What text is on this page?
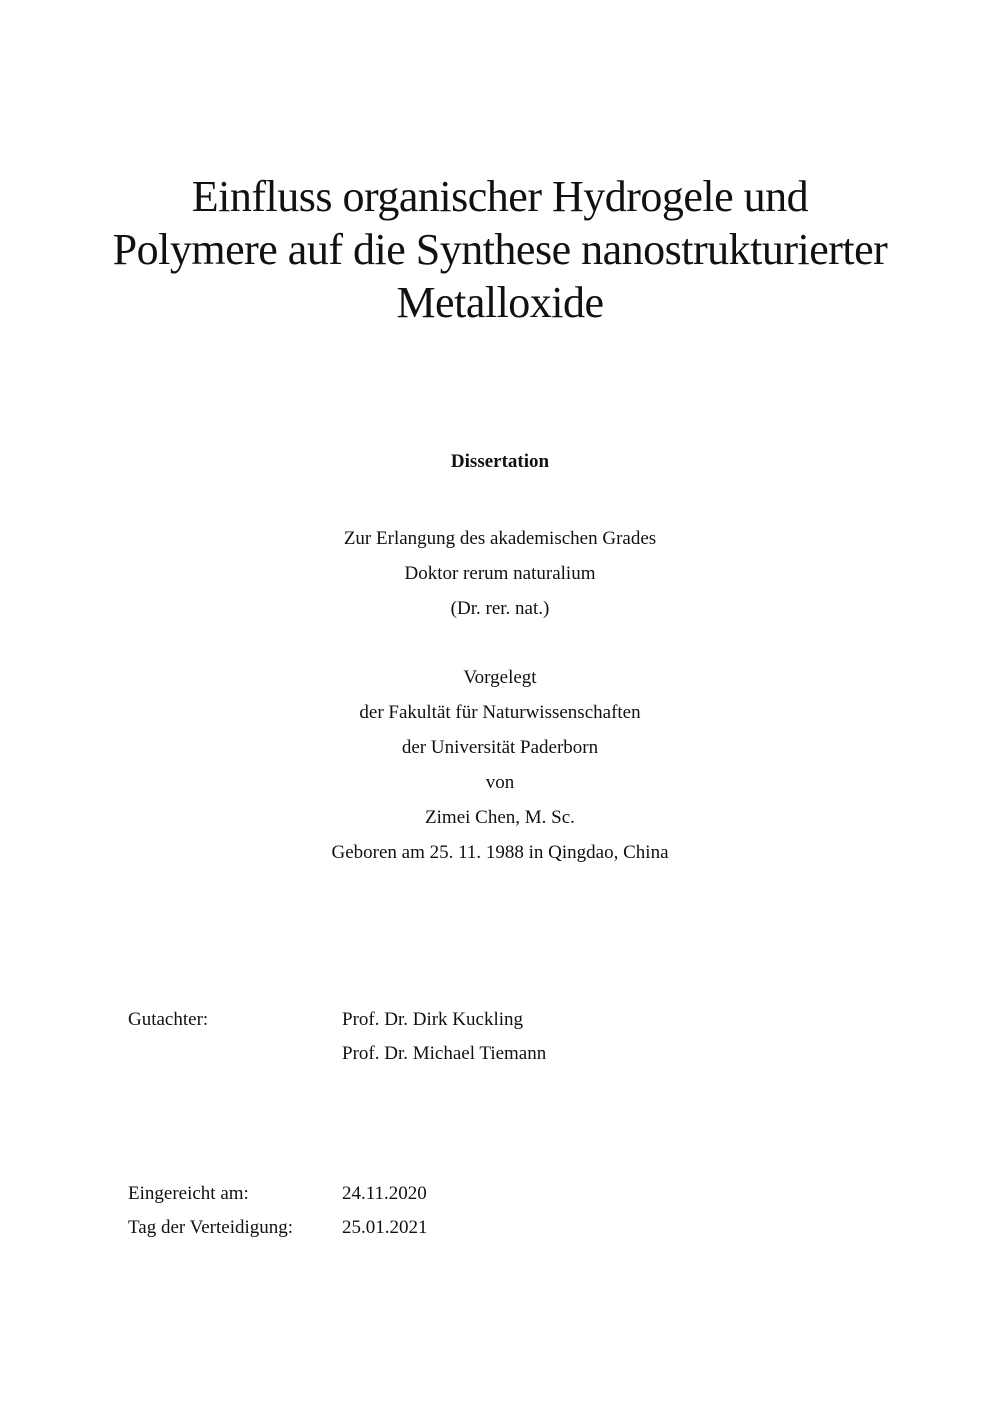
Einfluss organischer Hydrogele und
Polymere auf die Synthese nanostrukturierter
Metalloxide
Dissertation
Zur Erlangung des akademischen Grades
Doktor rerum naturalium
(Dr. rer. nat.)
Vorgelegt
der Fakultät für Naturwissenschaften
der Universität Paderborn
von
Zimei Chen, M. Sc.
Geboren am 25. 11. 1988 in Qingdao, China
Gutachter:	Prof. Dr. Dirk Kuckling
Prof. Dr. Michael Tiemann
Eingereicht am:	24.11.2020
Tag der Verteidigung:	25.01.2021
